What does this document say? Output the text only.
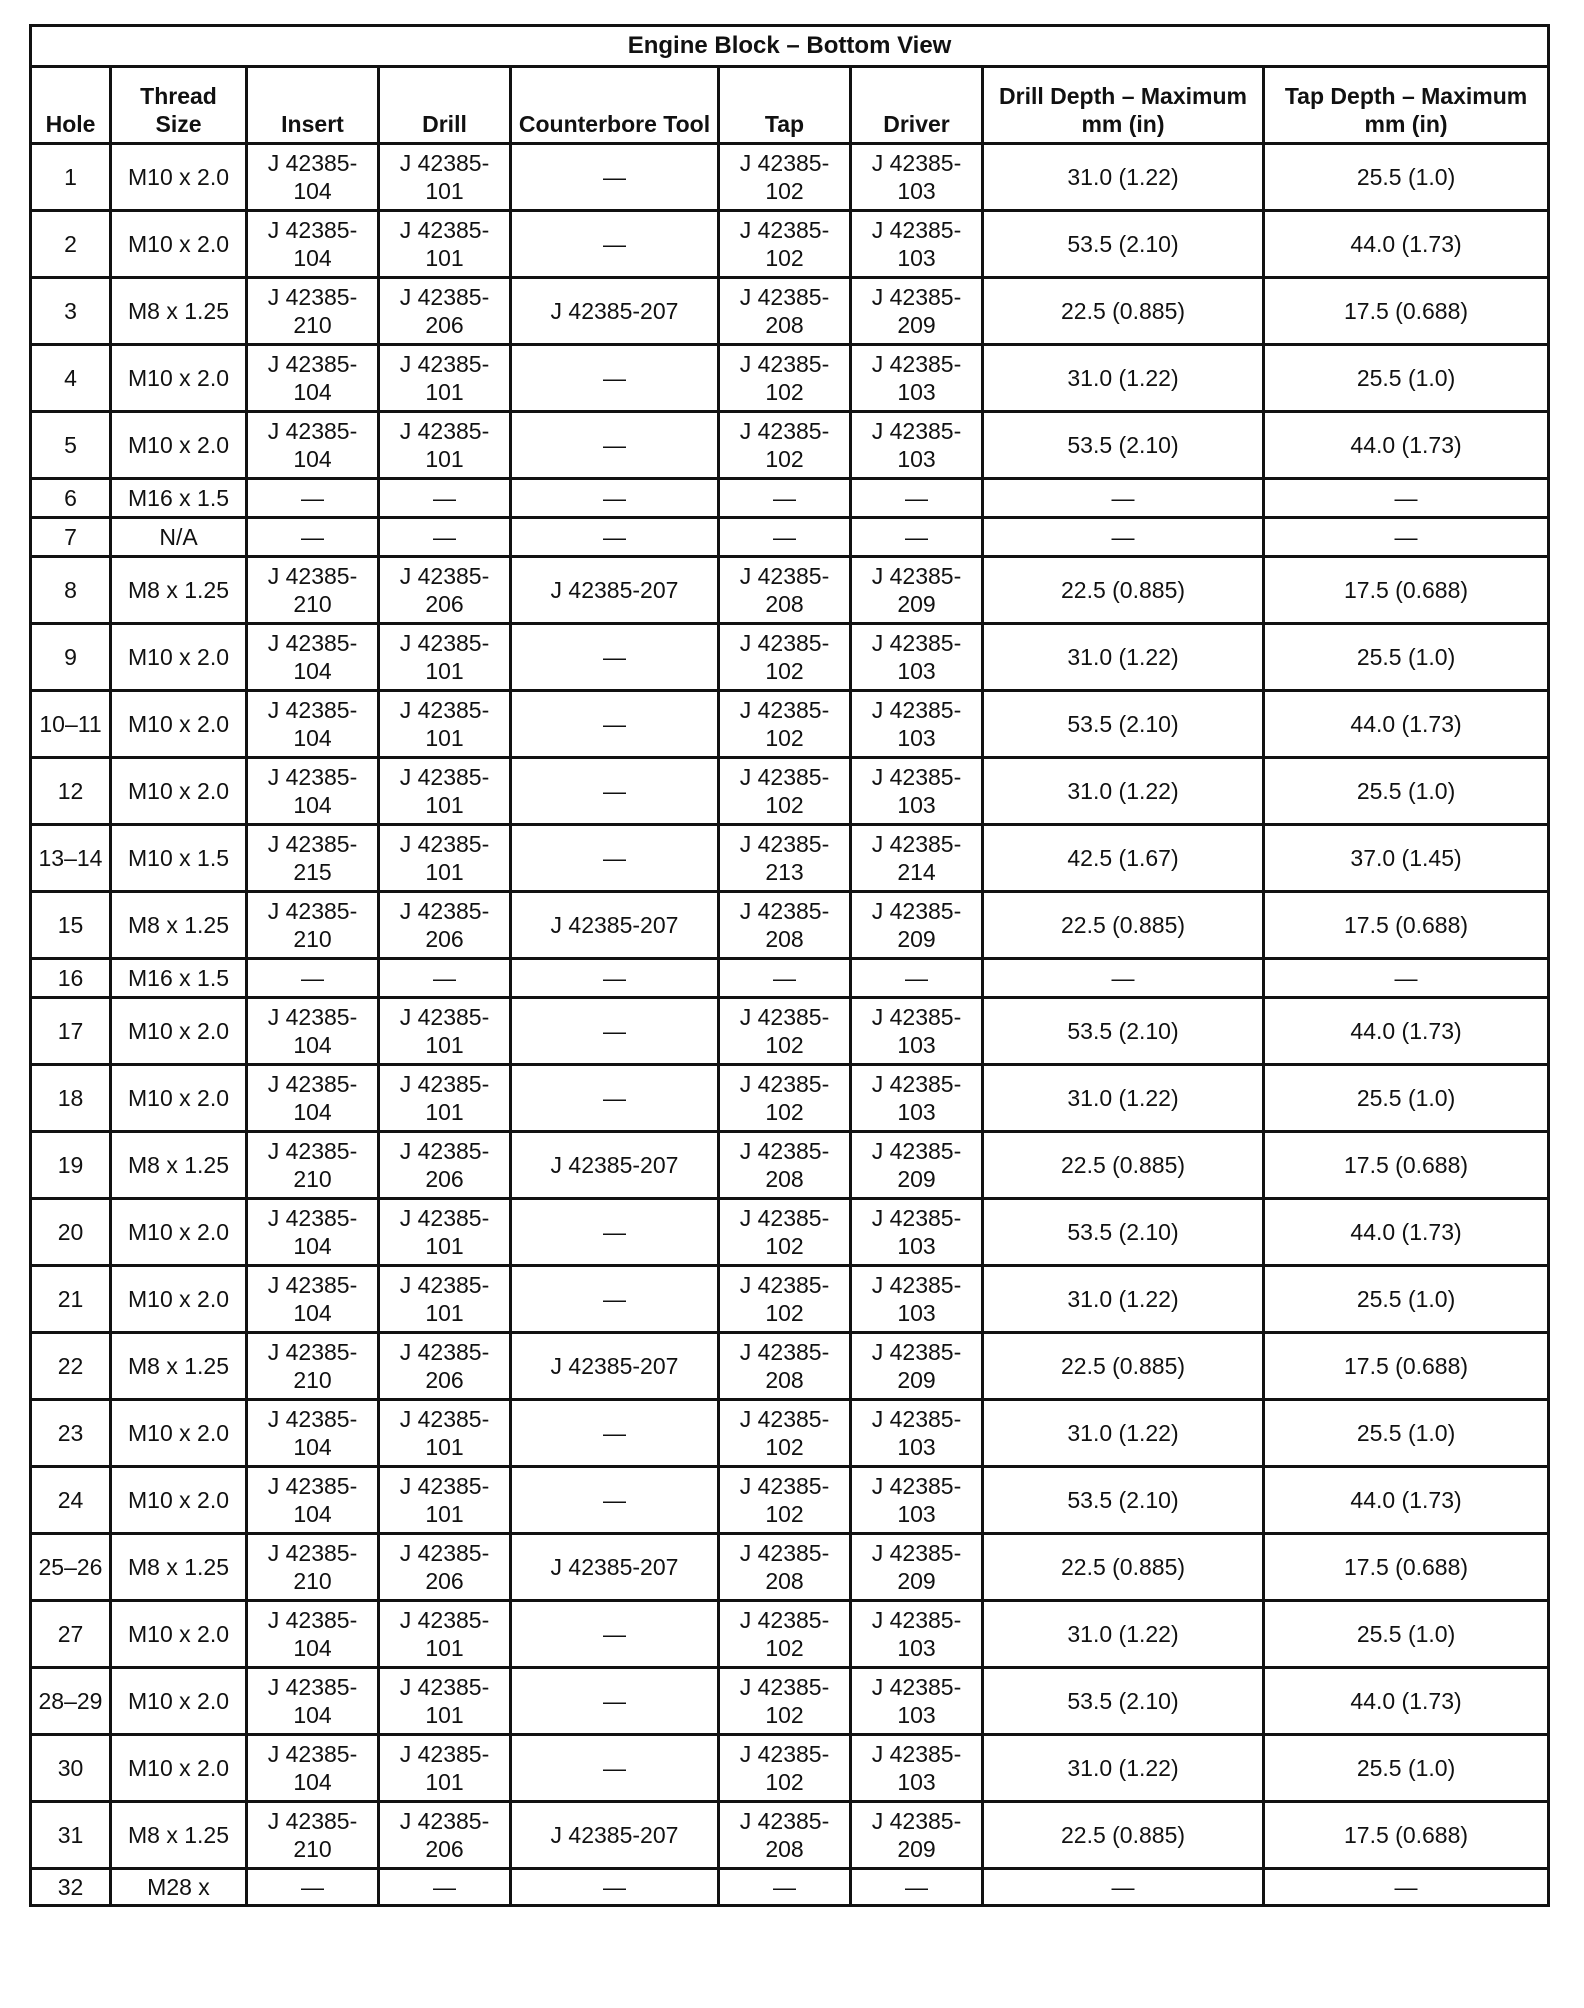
Engine Block – Bottom View								
Hole	Thread Size	Insert	Drill	Counterbore Tool	Tap	Driver	Drill Depth – Maximum mm (in)	Tap Depth – Maximum mm (in)
1	M10 x 2.0	J 42385-104	J 42385-101	—	J 42385-102	J 42385-103	31.0 (1.22)	25.5 (1.0)
2	M10 x 2.0	J 42385-104	J 42385-101	—	J 42385-102	J 42385-103	53.5 (2.10)	44.0 (1.73)
3	M8 x 1.25	J 42385-210	J 42385-206	J 42385-207	J 42385-208	J 42385-209	22.5 (0.885)	17.5 (0.688)
4	M10 x 2.0	J 42385-104	J 42385-101	—	J 42385-102	J 42385-103	31.0 (1.22)	25.5 (1.0)
5	M10 x 2.0	J 42385-104	J 42385-101	—	J 42385-102	J 42385-103	53.5 (2.10)	44.0 (1.73)
6	M16 x 1.5	—	—	—	—	—	—	—
7	N/A	—	—	—	—	—	—	—
8	M8 x 1.25	J 42385-210	J 42385-206	J 42385-207	J 42385-208	J 42385-209	22.5 (0.885)	17.5 (0.688)
9	M10 x 2.0	J 42385-104	J 42385-101	—	J 42385-102	J 42385-103	31.0 (1.22)	25.5 (1.0)
10–11	M10 x 2.0	J 42385-104	J 42385-101	—	J 42385-102	J 42385-103	53.5 (2.10)	44.0 (1.73)
12	M10 x 2.0	J 42385-104	J 42385-101	—	J 42385-102	J 42385-103	31.0 (1.22)	25.5 (1.0)
13–14	M10 x 1.5	J 42385-215	J 42385-101	—	J 42385-213	J 42385-214	42.5 (1.67)	37.0 (1.45)
15	M8 x 1.25	J 42385-210	J 42385-206	J 42385-207	J 42385-208	J 42385-209	22.5 (0.885)	17.5 (0.688)
16	M16 x 1.5	—	—	—	—	—	—	—
17	M10 x 2.0	J 42385-104	J 42385-101	—	J 42385-102	J 42385-103	53.5 (2.10)	44.0 (1.73)
18	M10 x 2.0	J 42385-104	J 42385-101	—	J 42385-102	J 42385-103	31.0 (1.22)	25.5 (1.0)
19	M8 x 1.25	J 42385-210	J 42385-206	J 42385-207	J 42385-208	J 42385-209	22.5 (0.885)	17.5 (0.688)
20	M10 x 2.0	J 42385-104	J 42385-101	—	J 42385-102	J 42385-103	53.5 (2.10)	44.0 (1.73)
21	M10 x 2.0	J 42385-104	J 42385-101	—	J 42385-102	J 42385-103	31.0 (1.22)	25.5 (1.0)
22	M8 x 1.25	J 42385-210	J 42385-206	J 42385-207	J 42385-208	J 42385-209	22.5 (0.885)	17.5 (0.688)
23	M10 x 2.0	J 42385-104	J 42385-101	—	J 42385-102	J 42385-103	31.0 (1.22)	25.5 (1.0)
24	M10 x 2.0	J 42385-104	J 42385-101	—	J 42385-102	J 42385-103	53.5 (2.10)	44.0 (1.73)
25–26	M8 x 1.25	J 42385-210	J 42385-206	J 42385-207	J 42385-208	J 42385-209	22.5 (0.885)	17.5 (0.688)
27	M10 x 2.0	J 42385-104	J 42385-101	—	J 42385-102	J 42385-103	31.0 (1.22)	25.5 (1.0)
28–29	M10 x 2.0	J 42385-104	J 42385-101	—	J 42385-102	J 42385-103	53.5 (2.10)	44.0 (1.73)
30	M10 x 2.0	J 42385-104	J 42385-101	—	J 42385-102	J 42385-103	31.0 (1.22)	25.5 (1.0)
31	M8 x 1.25	J 42385-210	J 42385-206	J 42385-207	J 42385-208	J 42385-209	22.5 (0.885)	17.5 (0.688)
32	M28 x	—	—	—	—	—	—	—
